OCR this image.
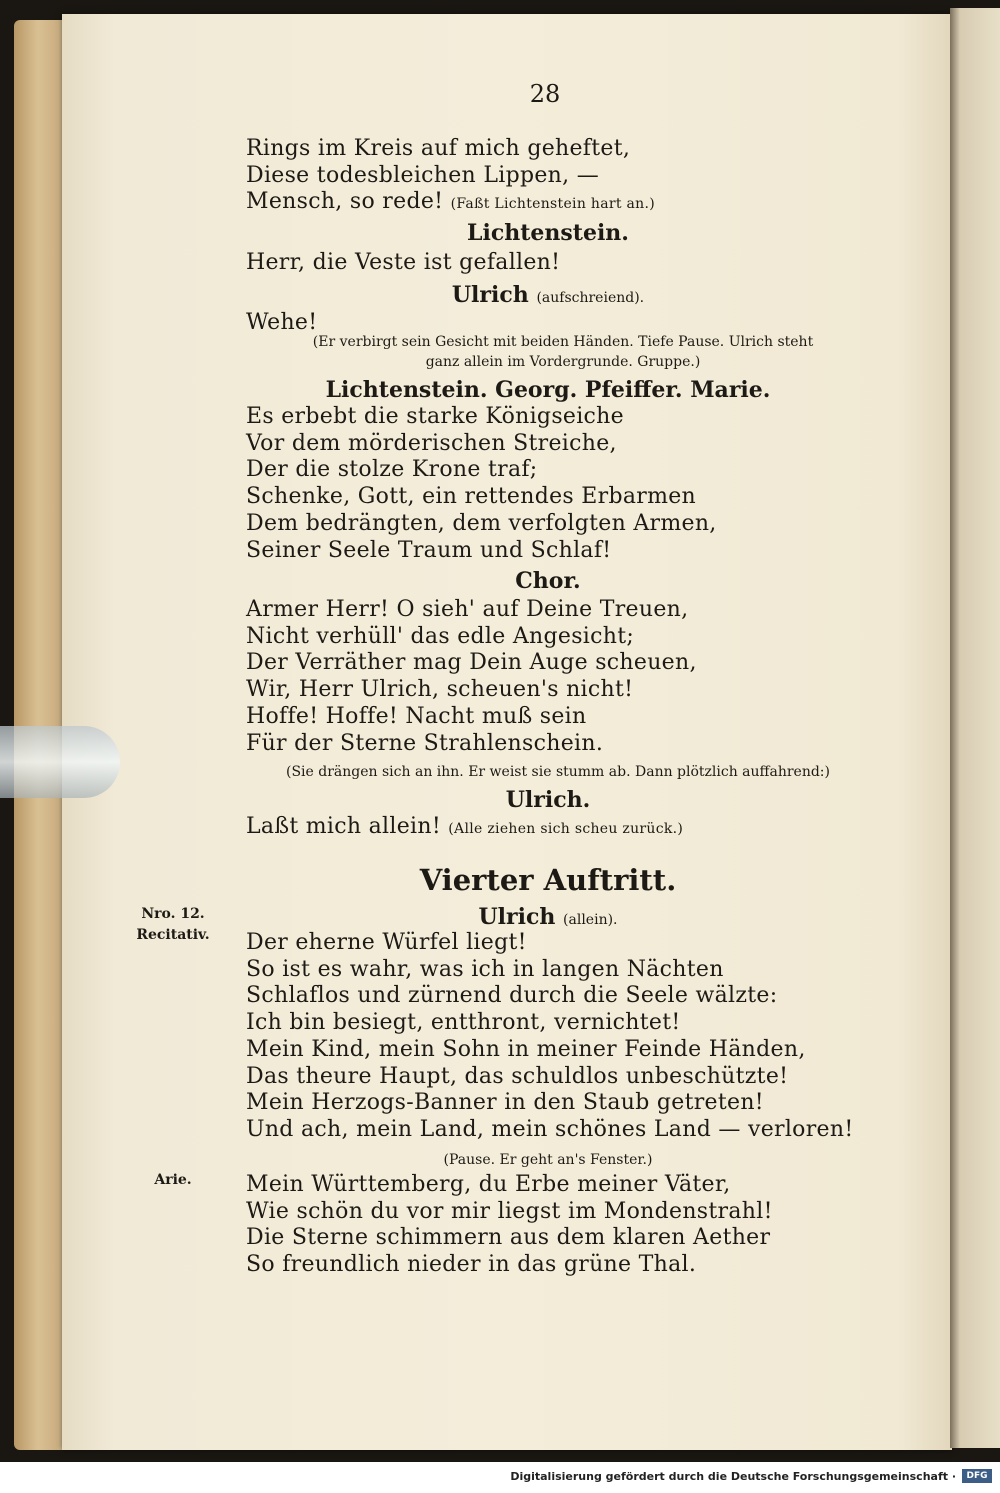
28
Rings im Kreis auf mich geheftet,
Diese todesbleichen Lippen, —
Mensch, so rede! (Faßt Lichtenstein hart an.)
Lichtenstein.
Herr, die Veste ist gefallen!
Ulrich (aufschreiend).
Wehe!
(Er verbirgt sein Gesicht mit beiden Händen. Tiefe Pause. Ulrich steht
ganz allein im Vordergrunde. Gruppe.)
Lichtenstein. Georg. Pfeiffer. Marie.
Es erbebt die starke Königseiche
Vor dem mörderischen Streiche,
Der die stolze Krone traf;
Schenke, Gott, ein rettendes Erbarmen
Dem bedrängten, dem verfolgten Armen,
Seiner Seele Traum und Schlaf!
Chor.
Armer Herr! O sieh' auf Deine Treuen,
Nicht verhüll' das edle Angesicht;
Der Verräther mag Dein Auge scheuen,
Wir, Herr Ulrich, scheuen's nicht!
Hoffe! Hoffe! Nacht muß sein
Für der Sterne Strahlenschein.
(Sie drängen sich an ihn. Er weist sie stumm ab. Dann plötzlich auffahrend:)
Ulrich.
Laßt mich allein! (Alle ziehen sich scheu zurück.)
Vierter Auftritt.
Ulrich (allein).
Nro. 12.
Recitativ.	Der eherne Würfel liegt!
So ist es wahr, was ich in langen Nächten
Schlaflos und zürnend durch die Seele wälzte:
Ich bin besiegt, entthront, vernichtet!
Mein Kind, mein Sohn in meiner Feinde Händen,
Das theure Haupt, das schuldlos unbeschützte!
Mein Herzogs-Banner in den Staub getreten!
Und ach, mein Land, mein schönes Land — verloren!
(Pause. Er geht an's Fenster.)
Arie.	Mein Württemberg, du Erbe meiner Väter,
Wie schön du vor mir liegst im Mondenstrahl!
Die Sterne schimmern aus dem klaren Aether
So freundlich nieder in das grüne Thal.
Digitalisierung gefördert durch die Deutsche Forschungsgemeinschaft ·	DFG
